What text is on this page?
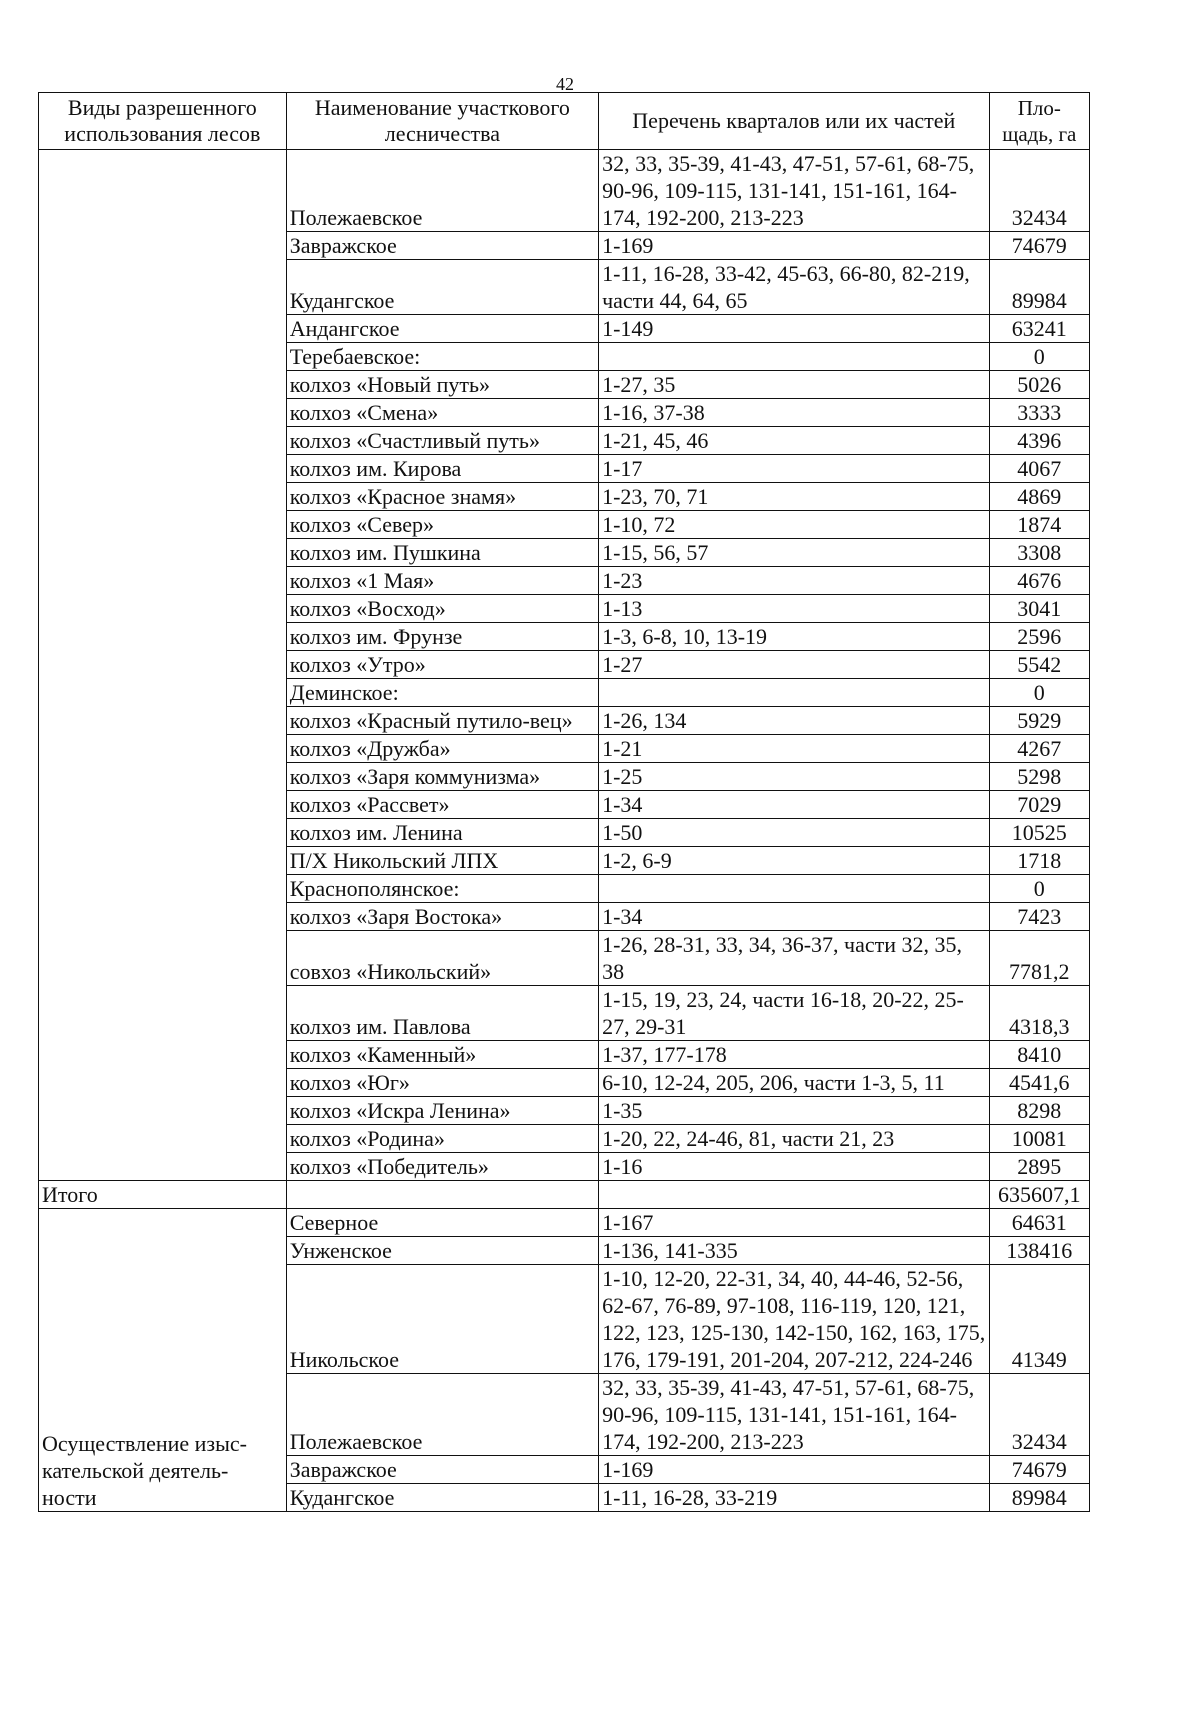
42
Виды разрешенного использования лесов	Наименование участкового лесничества	Перечень кварталов или их частей	Пло-щадь, га
	Полежаевское	32, 33, 35-39, 41-43, 47-51, 57-61, 68-75, 90-96, 109-115, 131-141, 151-161, 164-174, 192-200, 213-223	32434
	Завражское	1-169	74679
	Кудангское	1-11, 16-28, 33-42, 45-63, 66-80, 82-219, части 44, 64, 65	89984
	Андангское	1-149	63241
	Теребаевское:		0
	колхоз «Новый путь»	1-27, 35	5026
	колхоз «Смена»	1-16, 37-38	3333
	колхоз «Счастливый путь»	1-21, 45, 46	4396
	колхоз им. Кирова	1-17	4067
	колхоз «Красное знамя»	1-23, 70, 71	4869
	колхоз «Север»	1-10, 72	1874
	колхоз им. Пушкина	1-15, 56, 57	3308
	колхоз «1 Мая»	1-23	4676
	колхоз «Восход»	1-13	3041
	колхоз им. Фрунзе	1-3, 6-8, 10, 13-19	2596
	колхоз «Утро»	1-27	5542
	Деминское:		0
	колхоз «Красный путило-вец»	1-26, 134	5929
	колхоз «Дружба»	1-21	4267
	колхоз «Заря коммунизма»	1-25	5298
	колхоз «Рассвет»	1-34	7029
	колхоз им. Ленина	1-50	10525
	П/Х Никольский ЛПХ	1-2, 6-9	1718
	Краснополянское:		0
	колхоз «Заря Востока»	1-34	7423
	совхоз «Никольский»	1-26, 28-31, 33, 34, 36-37, части 32, 35, 38	7781,2
	колхоз им. Павлова	1-15, 19, 23, 24, части 16-18, 20-22, 25-27, 29-31	4318,3
	колхоз «Каменный»	1-37, 177-178	8410
	колхоз «Юг»	6-10, 12-24, 205, 206, части 1-3, 5, 11	4541,6
	колхоз «Искра Ленина»	1-35	8298
	колхоз «Родина»	1-20, 22, 24-46, 81, части 21, 23	10081
	колхоз «Победитель»	1-16	2895
Итого			635607,1
Осуществление изыс-кательской деятель-ности	Северное	1-167	64631
	Унженское	1-136, 141-335	138416
	Никольское	1-10, 12-20, 22-31, 34, 40, 44-46, 52-56, 62-67, 76-89, 97-108, 116-119, 120, 121, 122, 123, 125-130, 142-150, 162, 163, 175, 176, 179-191, 201-204, 207-212, 224-246	41349
	Полежаевское	32, 33, 35-39, 41-43, 47-51, 57-61, 68-75, 90-96, 109-115, 131-141, 151-161, 164-174, 192-200, 213-223	32434
	Завражское	1-169	74679
	Кудангское	1-11, 16-28, 33-219	89984
